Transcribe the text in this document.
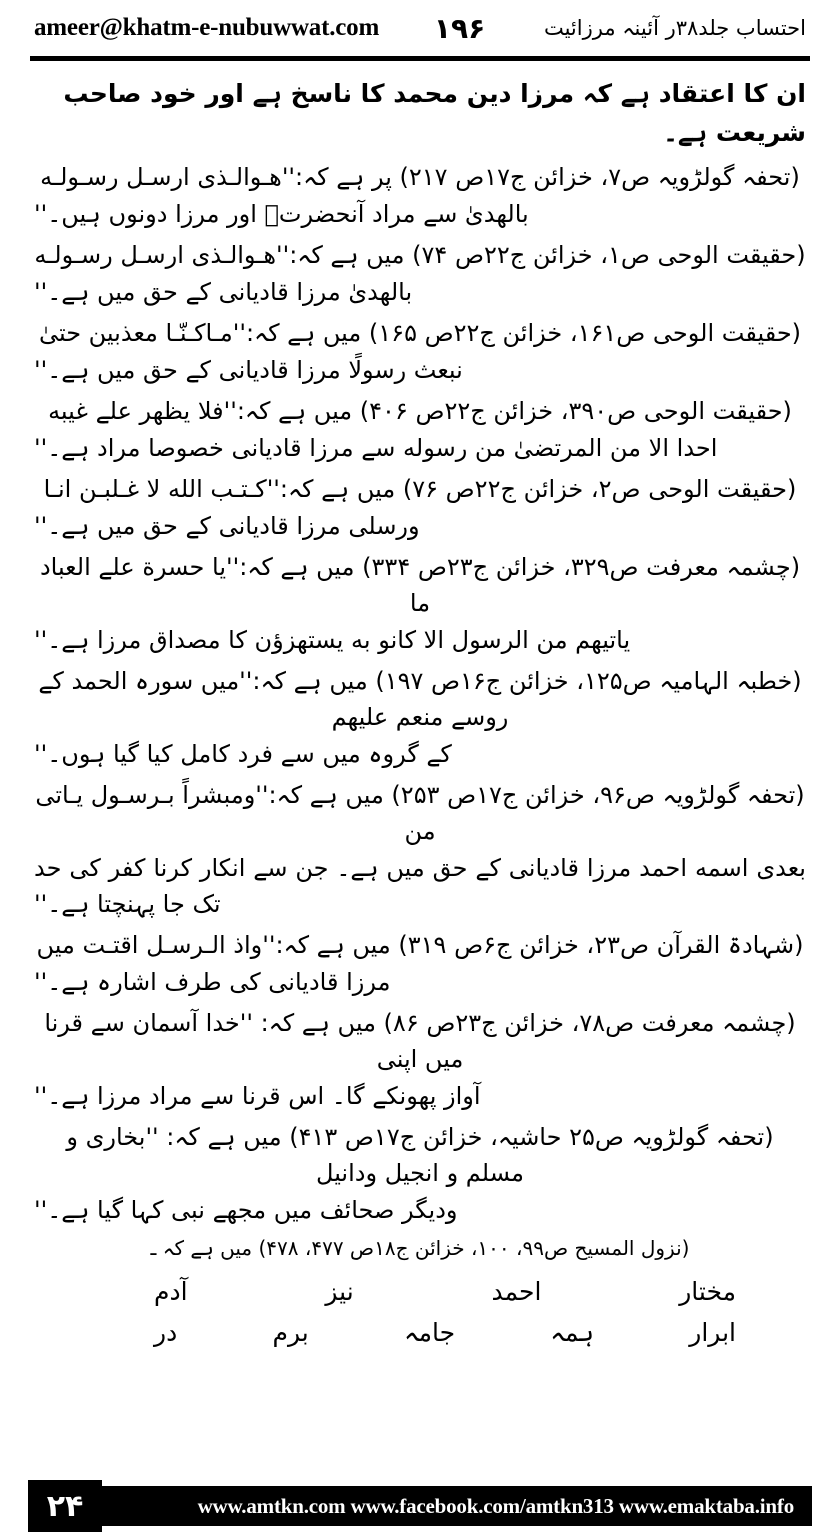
ameer@khatm-e-nubuwwat.com ۱۹۶	احتساب جلد۳۸ر آئینہ مرزائیت

ان کا اعتقاد ہے کہ مرزا دین محمد کا ناسخ ہے اور خود صاحب شریعت ہے۔

(تحفہ گولڑویہ ص۷، خزائن ج۱۷ص ۲۱۷) پر ہے کہ:''هـوالـذى ارسـل رسـولـه

بالهدیٰ سے مراد آنحضرتؐ اور مرزا دونوں ہیں۔''

(حقیقت الوحی ص۱، خزائن ج۲۲ص ۷۴) میں ہے کہ:''هـوالـذى ارسـل رسـولـه

بالهدیٰ مرزا قادیانی کے حق میں ہے۔''

(حقیقت الوحی ص۱۶۱، خزائن ج۲۲ص ۱۶۵) میں ہے کہ:''مـاکـنّـا معذبین حتیٰ

نبعث رسولًا مرزا قادیانی کے حق میں ہے۔''

(حقیقت الوحی ص۳۹۰، خزائن ج۲۲ص ۴۰۶) میں ہے کہ:''فلا یظهر علے غیبه

احدا الا من المرتضیٰ من رسوله سے مرزا قادیانی خصوصا مراد ہے۔''

(حقیقت الوحی ص۲، خزائن ج۲۲ص ۷۶) میں ہے کہ:''کـتـب الله لا غـلبـن انـا

ورسلی مرزا قادیانی کے حق میں ہے۔''

(چشمہ معرفت ص۳۲۹، خزائن ج۲۳ص ۳۳۴) میں ہے کہ:''یا حسرة علے العباد ما

یاتیهم من الرسول الا کانو به یستهزؤن کا مصداق مرزا ہے۔''

(خطبہ الہامیہ ص۱۲۵، خزائن ج۱۶ص ۱۹۷) میں ہے کہ:''میں سورہ الحمد کے روسے منعم علیهم

کے گروہ میں سے فرد کامل کیا گیا ہوں۔''

(تحفہ گولڑویہ ص۹۶، خزائن ج۱۷ص ۲۵۳) میں ہے کہ:''ومبشراً بـرسـول یـاتی من

بعدی اسمه احمد مرزا قادیانی کے حق میں ہے۔ جن سے انکار کرنا کفر کی حد تک جا پہنچتا ہے۔''

(شہادۃ القرآن ص۲۳، خزائن ج۶ص ۳۱۹) میں ہے کہ:''واذ الـرسـل اقتـت میں

مرزا قادیانی کی طرف اشارہ ہے۔''

(چشمہ معرفت ص۷۸، خزائن ج۲۳ص ۸۶) میں ہے کہ: ''خدا آسمان سے قرنا میں اپنی

آواز پھونکے گا۔ اس قرنا سے مراد مرزا ہے۔''

(تحفہ گولڑویہ ص۲۵ حاشیہ، خزائن ج۱۷ص ۴۱۳) میں ہے کہ: ''بخاری و مسلم و انجیل ودانیل

ودیگر صحائف میں مجھے نبی کہا گیا ہے۔''

(نزول المسیح ص۹۹، ۱۰۰، خزائن ج۱۸ص ۴۷۷، ۴۷۸) میں ہے کہ ـ

مختار
احمد
نیز
آدم
ابرار
ہمہ
جامہ
برم
در
www.amtkn.com www.facebook.com/amtkn313 www.emaktaba.info
۲۴
